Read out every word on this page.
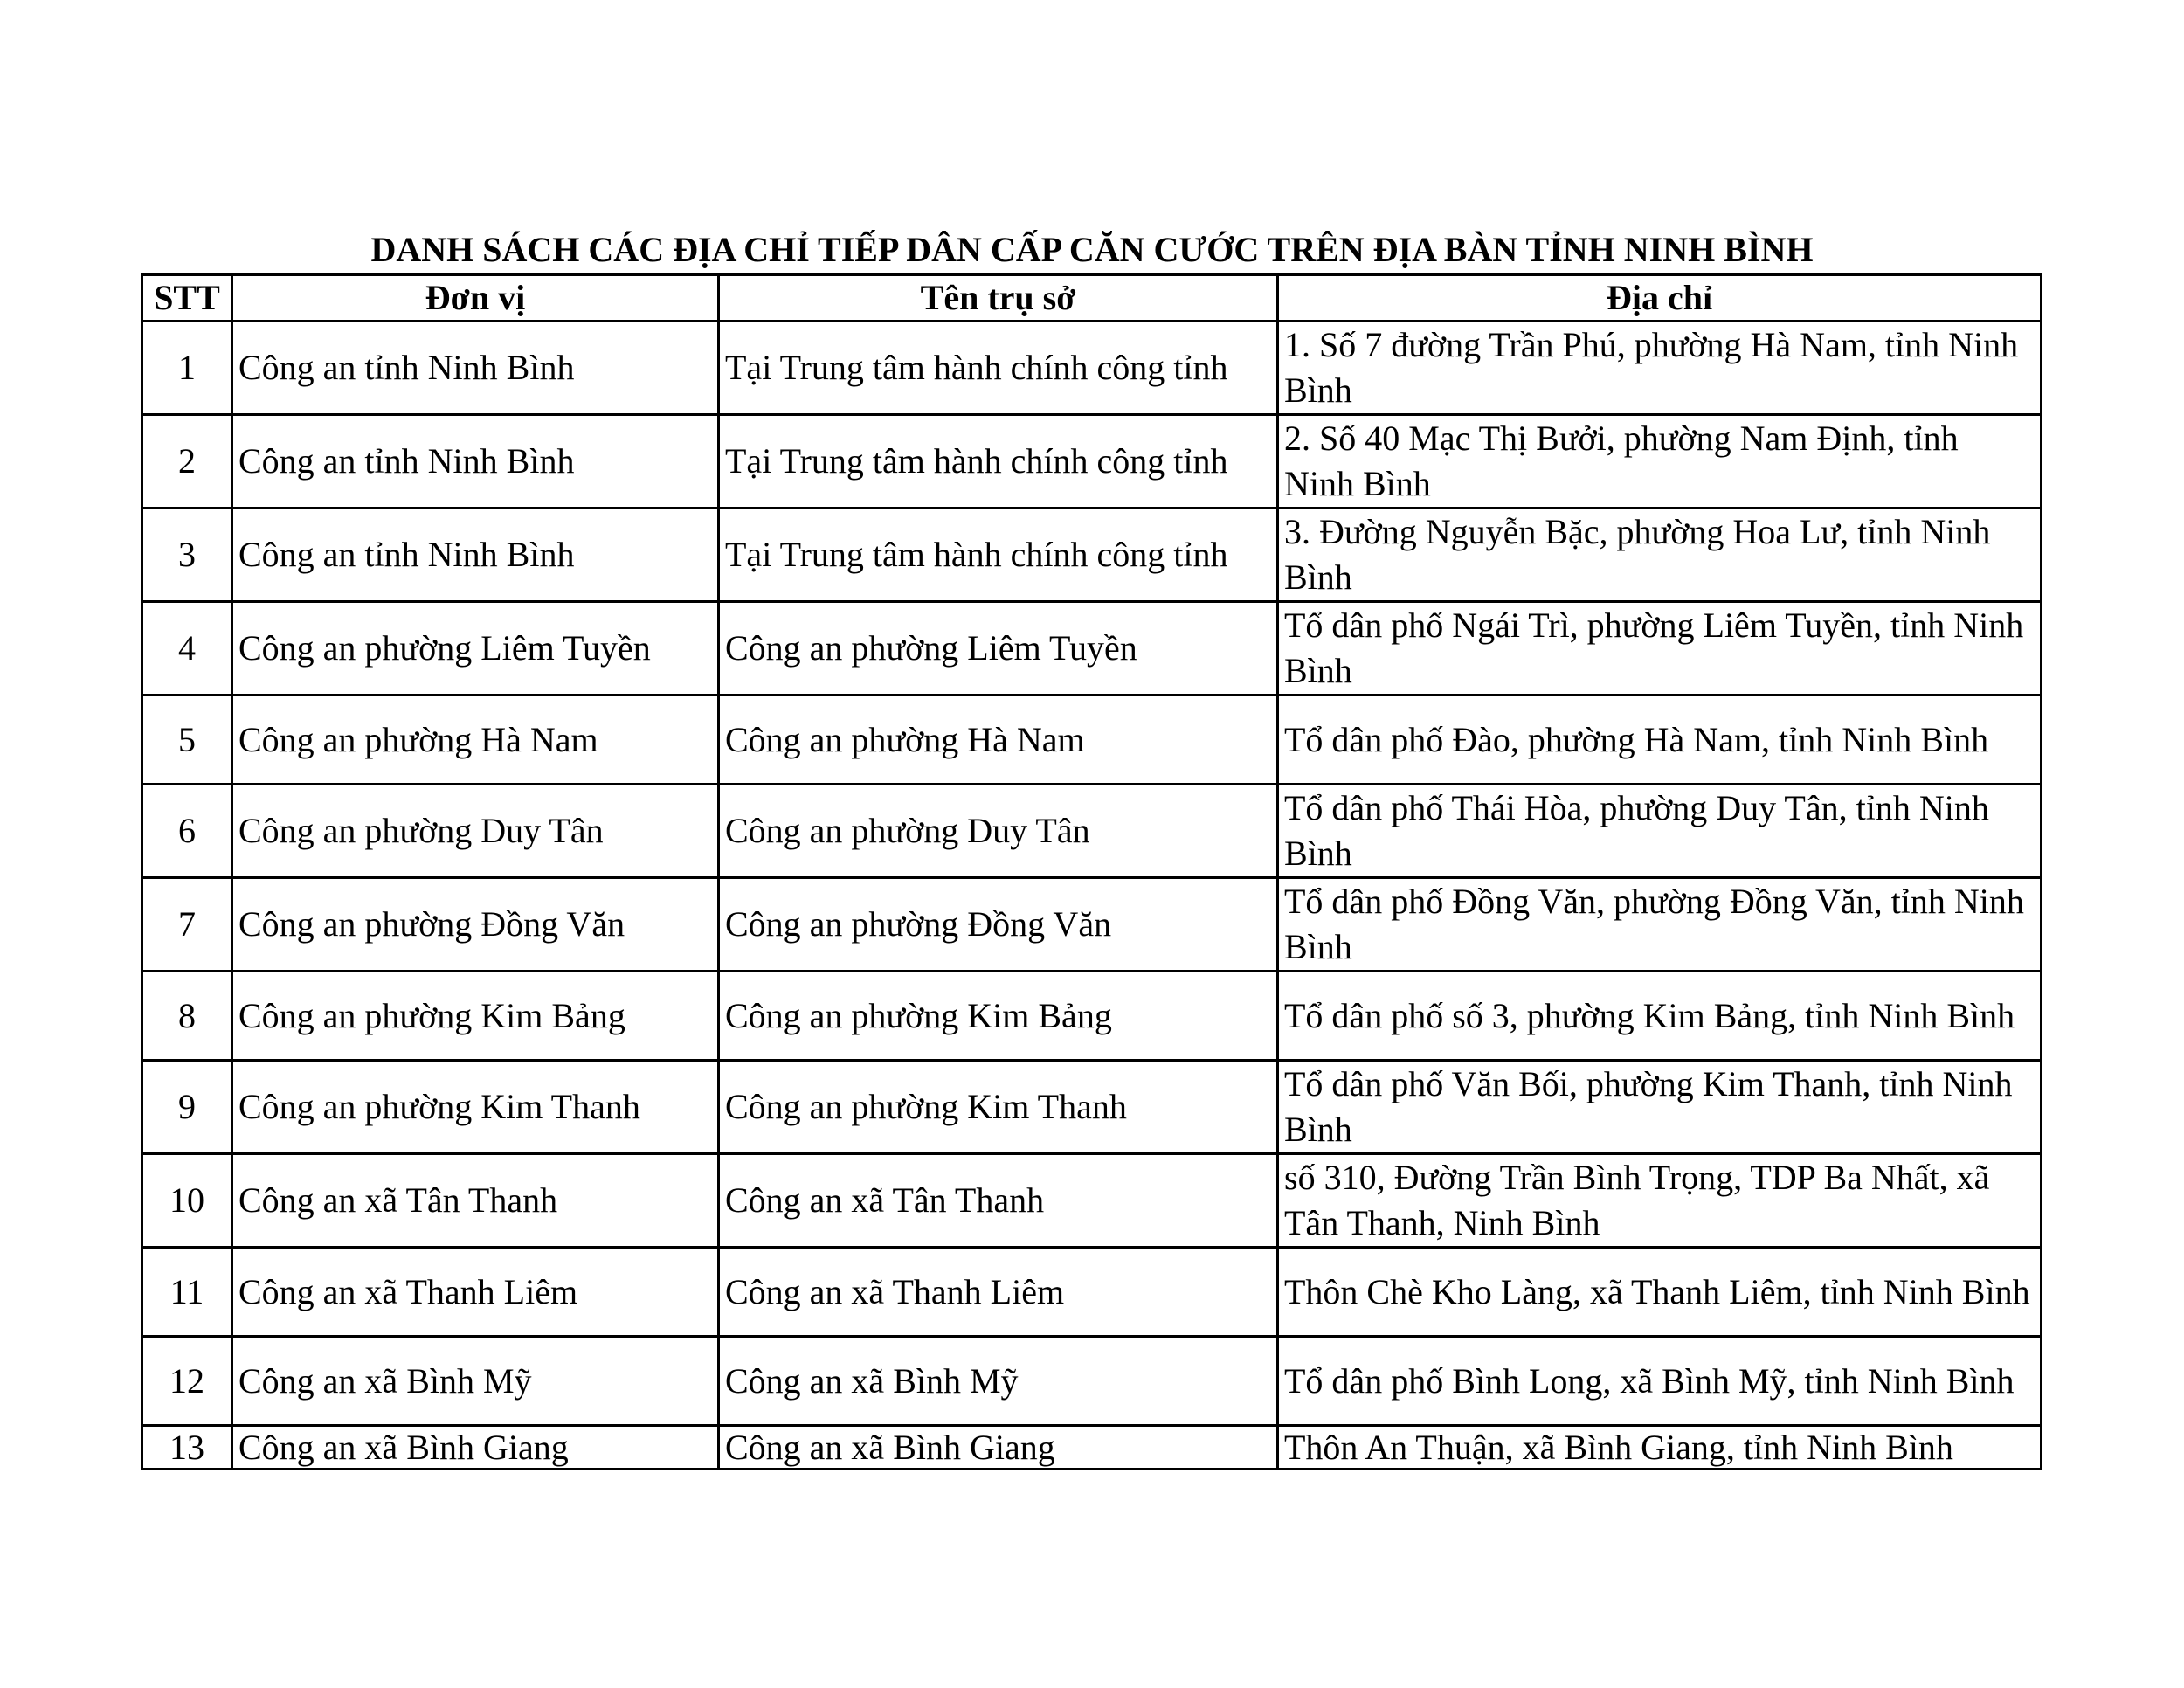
DANH SÁCH CÁC ĐỊA CHỈ TIẾP DÂN CẤP CĂN CƯỚC TRÊN ĐỊA BÀN TỈNH NINH BÌNH
STT	Đơn vị	Tên trụ sở	Địa chỉ
1	Công an tỉnh Ninh Bình	Tại Trung tâm hành chính công tỉnh	1. Số 7 đường Trần Phú, phường Hà Nam, tỉnh Ninh Bình
2	Công an tỉnh Ninh Bình	Tại Trung tâm hành chính công tỉnh	2. Số 40 Mạc Thị Bưởi, phường Nam Định, tỉnh Ninh Bình
3	Công an tỉnh Ninh Bình	Tại Trung tâm hành chính công tỉnh	3. Đường Nguyễn Bặc, phường Hoa Lư, tỉnh Ninh Bình
4	Công an phường Liêm Tuyền	Công an phường Liêm Tuyền	Tổ dân phố Ngái Trì, phường Liêm Tuyền, tỉnh Ninh Bình
5	Công an phường Hà Nam	Công an phường Hà Nam	Tổ dân phố Đào, phường Hà Nam, tỉnh Ninh Bình
6	Công an phường Duy Tân	Công an phường Duy Tân	Tổ dân phố Thái Hòa, phường Duy Tân, tỉnh Ninh Bình
7	Công an phường Đồng Văn	Công an phường Đồng Văn	Tổ dân phố Đồng Văn, phường Đồng Văn, tỉnh Ninh Bình
8	Công an phường Kim Bảng	Công an phường Kim Bảng	Tổ dân phố số 3, phường Kim Bảng, tỉnh Ninh Bình
9	Công an phường Kim Thanh	Công an phường Kim Thanh	Tổ dân phố Văn Bối, phường Kim Thanh, tỉnh Ninh Bình
10	Công an xã Tân Thanh	Công an xã Tân Thanh	số 310, Đường Trần Bình Trọng, TDP Ba Nhất, xã Tân Thanh, Ninh Bình
11	Công an xã Thanh Liêm	Công an xã Thanh Liêm	Thôn Chè Kho Làng, xã Thanh Liêm, tỉnh Ninh Bình
12	Công an xã Bình Mỹ	Công an xã Bình Mỹ	Tổ dân phố Bình Long, xã Bình Mỹ, tỉnh Ninh Bình
13	Công an xã Bình Giang	Công an xã Bình Giang	Thôn An Thuận, xã Bình Giang, tỉnh Ninh Bình
